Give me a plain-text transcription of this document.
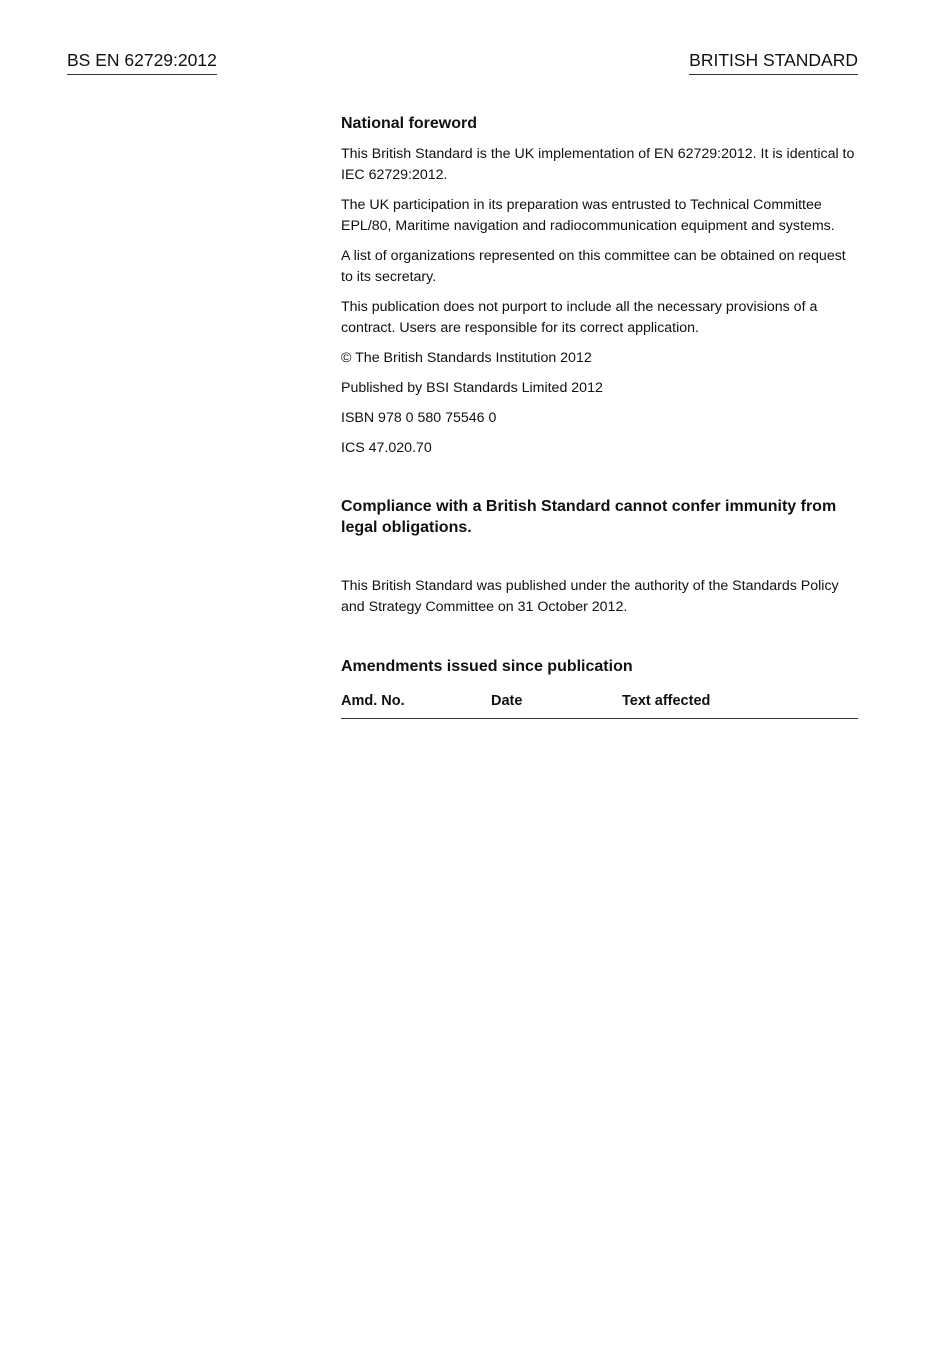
BS EN 62729:2012	BRITISH STANDARD
National foreword

This British Standard is the UK implementation of EN 62729:2012. It is identical to IEC 62729:2012.

The UK participation in its preparation was entrusted to Technical Committee EPL/80, Maritime navigation and radiocommunication equipment and systems.

A list of organizations represented on this committee can be obtained on request to its secretary.

This publication does not purport to include all the necessary provisions of a contract. Users are responsible for its correct application.

© The British Standards Institution 2012

Published by BSI Standards Limited 2012

ISBN 978 0 580 75546 0

ICS 47.020.70

Compliance with a British Standard cannot confer immunity from legal obligations.

This British Standard was published under the authority of the Standards Policy and Strategy Committee on 31 October 2012.

Amendments issued since publication
Amd. No.	Date	Text affected
